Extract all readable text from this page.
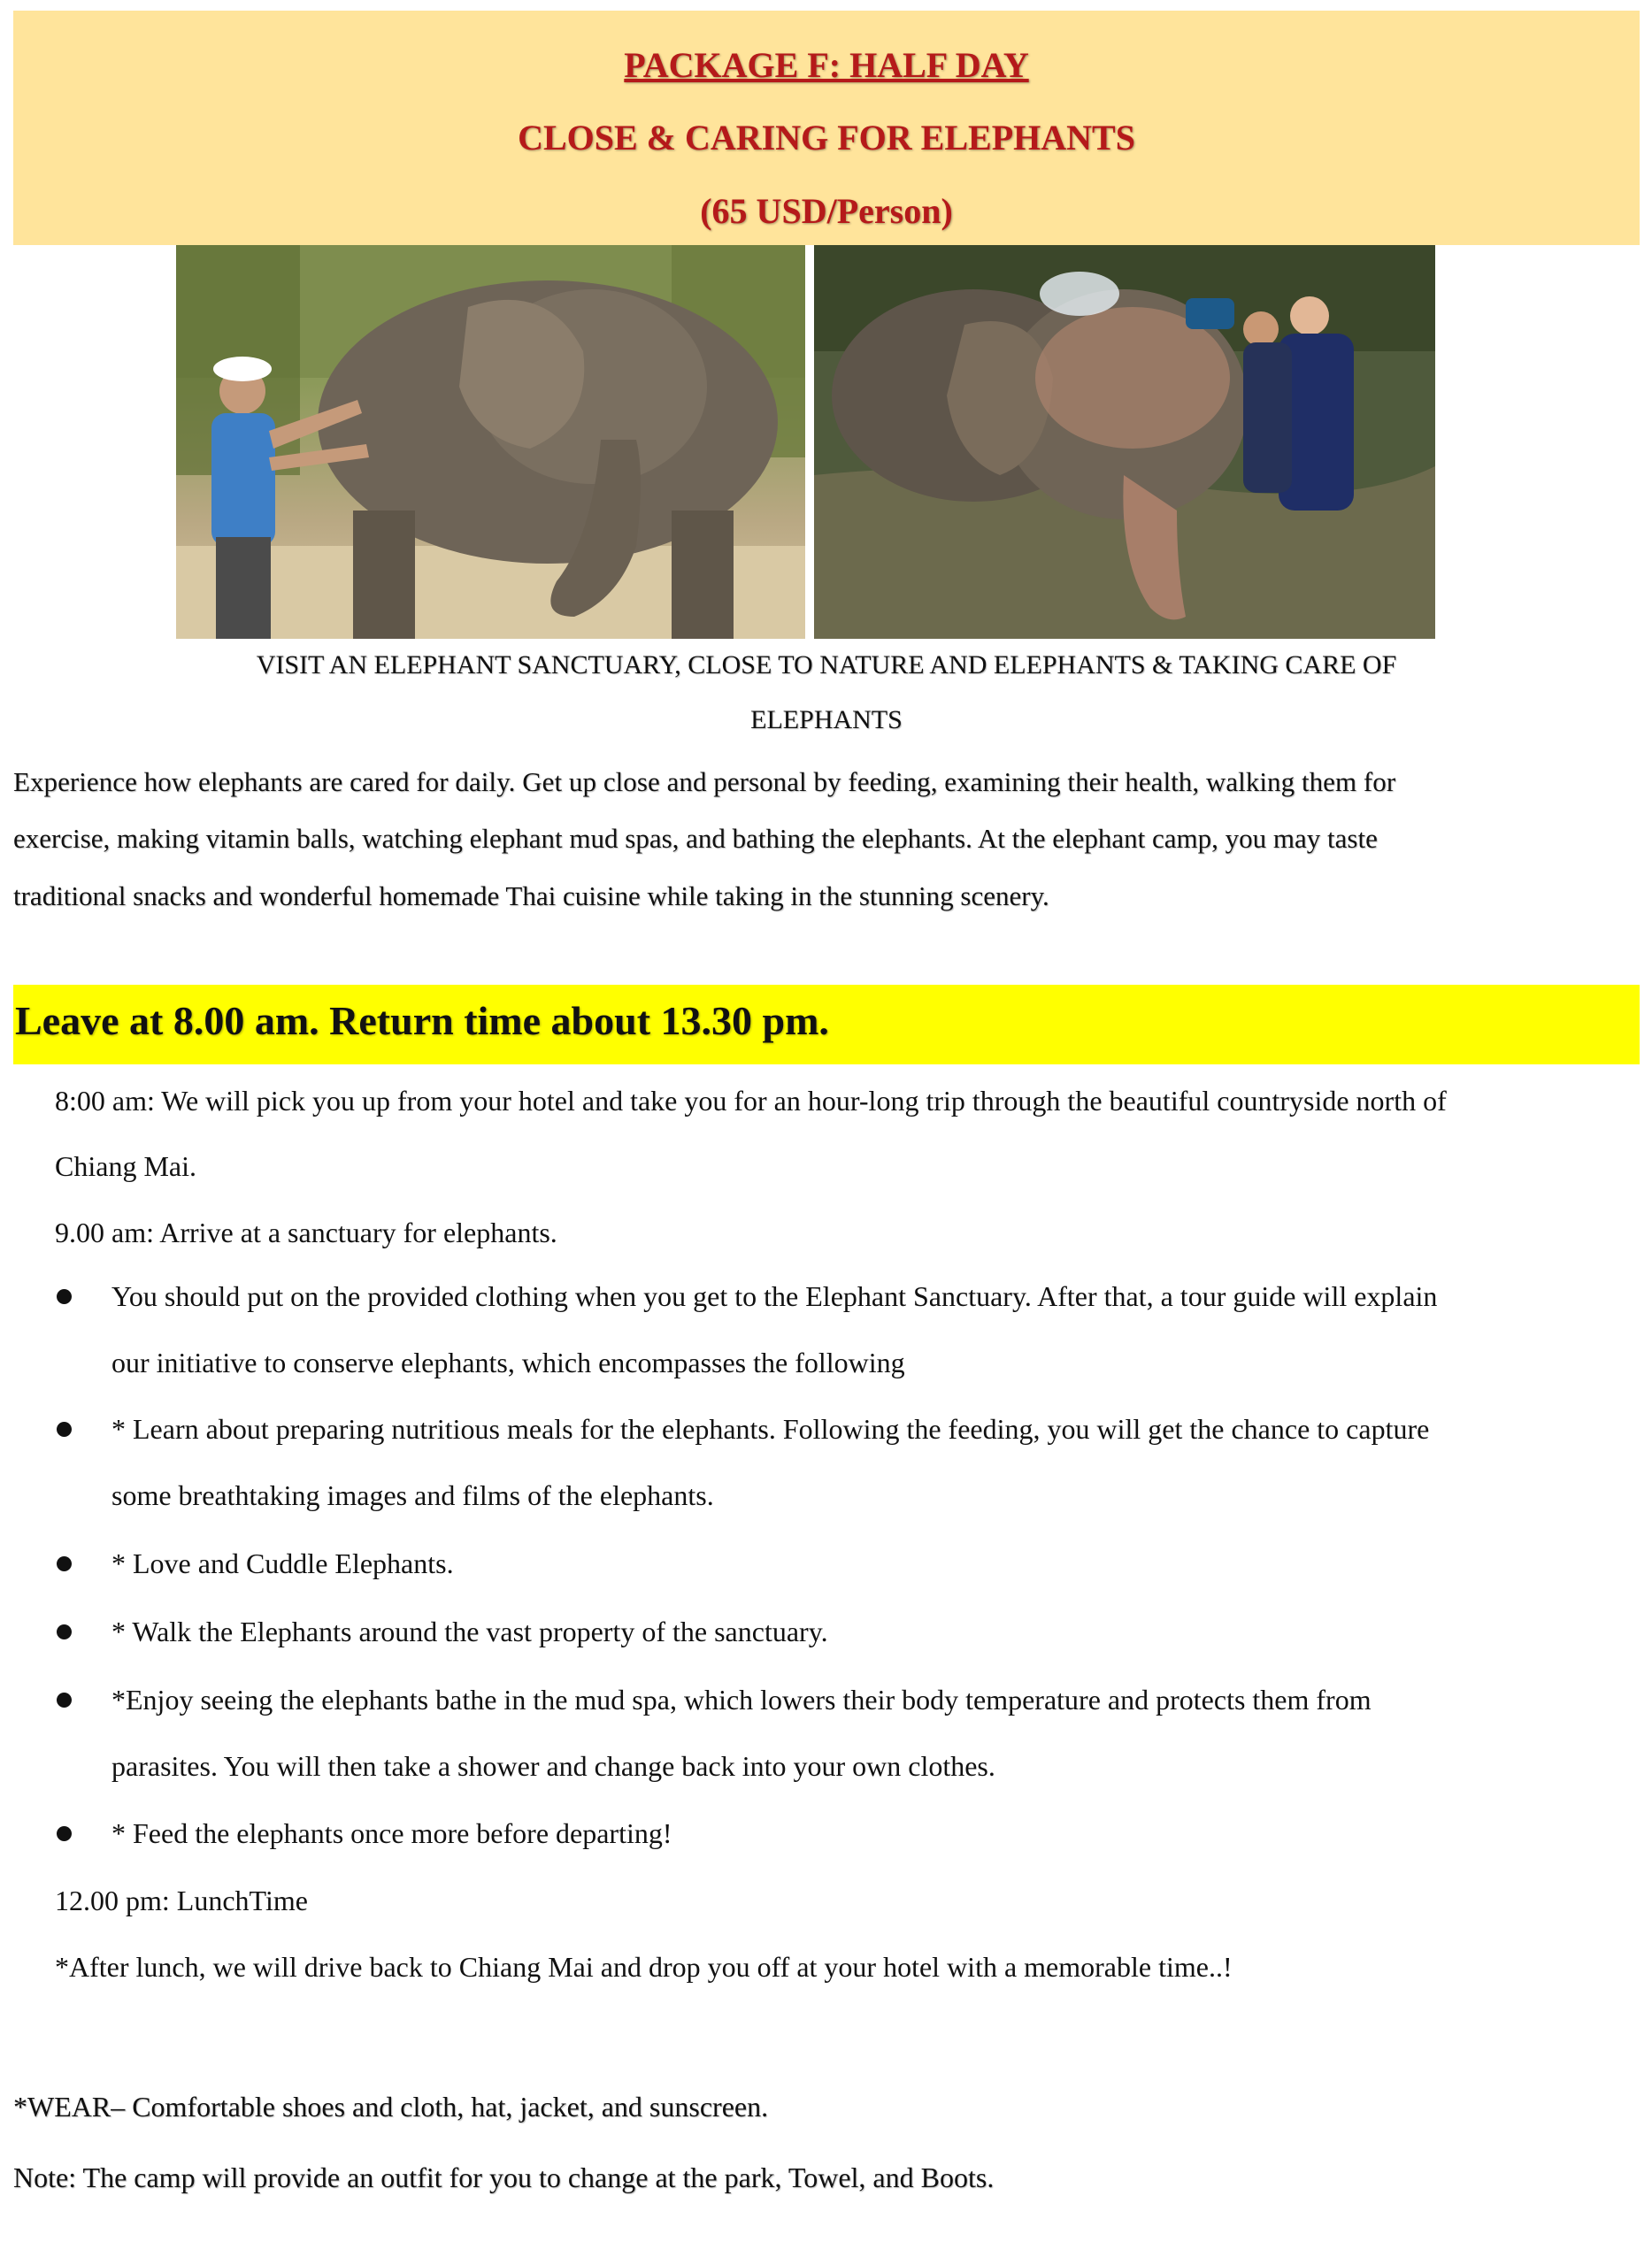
PACKAGE F: HALF DAY
CLOSE & CARING FOR ELEPHANTS
(65 USD/Person)
VISIT AN ELEPHANT SANCTUARY, CLOSE TO NATURE AND ELEPHANTS & TAKING CARE OF
ELEPHANTS
Experience how elephants are cared for daily. Get up close and personal by feeding, examining their health, walking them for
exercise, making vitamin balls, watching elephant mud spas, and bathing the elephants. At the elephant camp, you may taste
traditional snacks and wonderful homemade Thai cuisine while taking in the stunning scenery.
Leave at 8.00 am. Return time about 13.30 pm.
8:00 am: We will pick you up from your hotel and take you for an hour-long trip through the beautiful countryside north of
Chiang Mai.
9.00 am: Arrive at a sanctuary for elephants.
You should put on the provided clothing when you get to the Elephant Sanctuary. After that, a tour guide will explain
our initiative to conserve elephants, which encompasses the following
* Learn about preparing nutritious meals for the elephants. Following the feeding, you will get the chance to capture
some breathtaking images and films of the elephants.
* Love and Cuddle Elephants.
* Walk the Elephants around the vast property of the sanctuary.
*Enjoy seeing the elephants bathe in the mud spa, which lowers their body temperature and protects them from
parasites. You will then take a shower and change back into your own clothes.
* Feed the elephants once more before departing!
12.00 pm: LunchTime
*After lunch, we will drive back to Chiang Mai and drop you off at your hotel with a memorable time..!
*WEAR– Comfortable shoes and cloth, hat, jacket, and sunscreen.
Note: The camp will provide an outfit for you to change at the park, Towel, and Boots.
